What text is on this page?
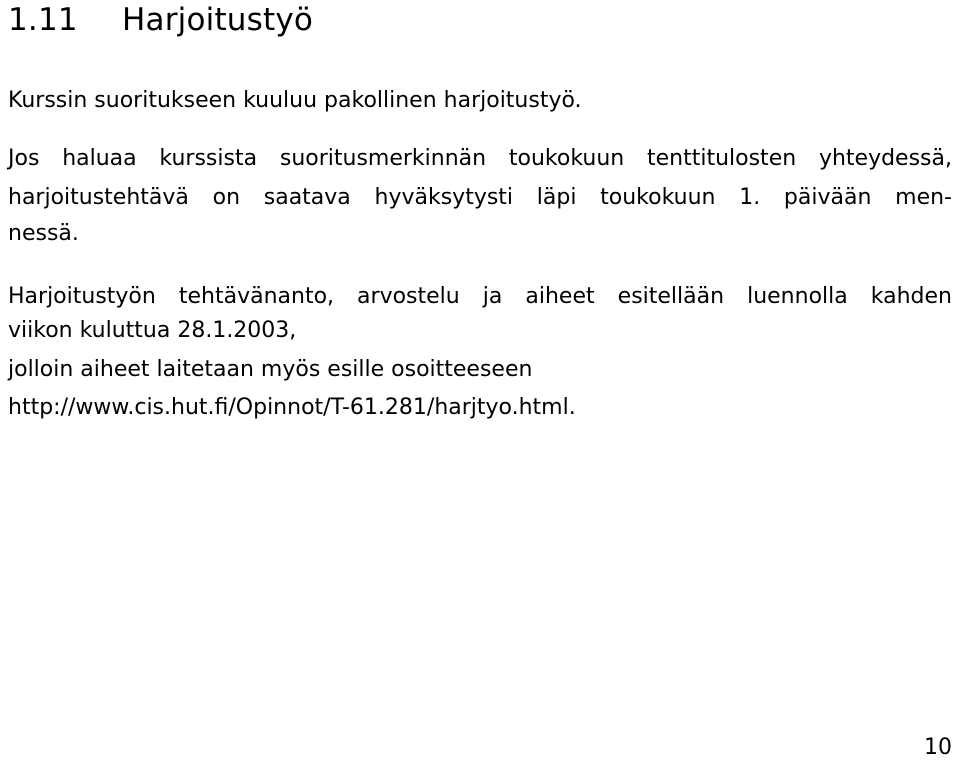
1.11 Harjoitustyö
Kurssin suoritukseen kuuluu pakollinen harjoitustyö.
Jos haluaa kurssista suoritusmerkinnän toukokuun tenttitulosten yhteydessä,
harjoitustehtävä on saatava hyväksytysti läpi toukokuun 1. päivään men-
nessä.
Harjoitustyön tehtävänanto, arvostelu ja aiheet esitellään luennolla kahden
viikon kuluttua 28.1.2003,
jolloin aiheet laitetaan myös esille osoitteeseen
http://www.cis.hut.fi/Opinnot/T-61.281/harjtyo.html.
10
